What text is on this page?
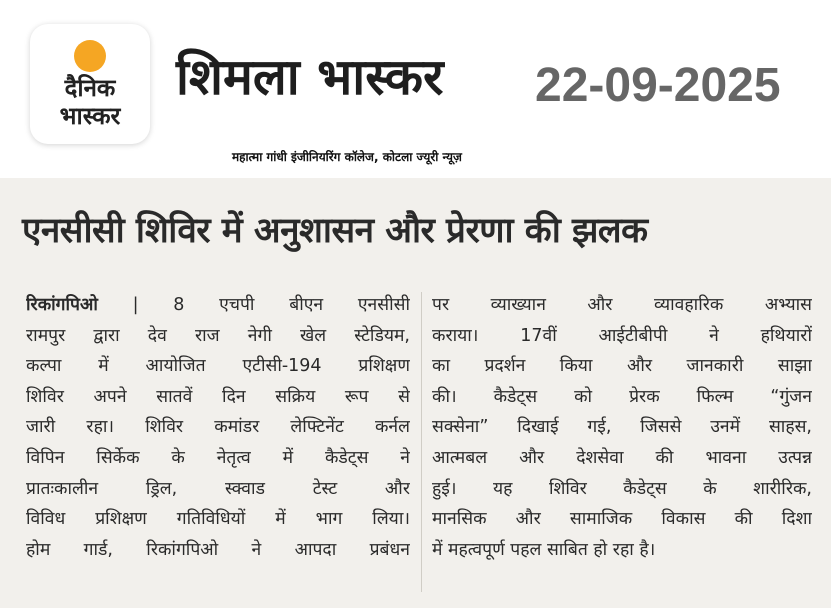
दैनिक
भास्कर
शिमला भास्कर 22-09-2025
महात्मा गांधी इंजीनियरिंग कॉलेज, कोटला ज्यूरी न्यूज़
एनसीसी शिविर में अनुशासन और प्रेरणा की झलक
रिकांगपिओ | 8 एचपी बीएन एनसीसी
रामपुर द्वारा देव राज नेगी खेल स्टेडियम,
कल्पा में आयोजित एटीसी-194 प्रशिक्षण
शिविर अपने सातवें दिन सक्रिय रूप से
जारी रहा। शिविर कमांडर लेफ्टिनेंट कर्नल
विपिन सिर्केक के नेतृत्व में कैडेट्स ने
प्रातःकालीन ड्रिल, स्क्वाड टेस्ट और
विविध प्रशिक्षण गतिविधियों में भाग लिया।
होम गार्ड, रिकांगपिओ ने आपदा प्रबंधन
पर व्याख्यान और व्यावहारिक अभ्यास
कराया। 17वीं आईटीबीपी ने हथियारों
का प्रदर्शन किया और जानकारी साझा
की। कैडेट्स को प्रेरक फिल्म “गुंजन
सक्सेना” दिखाई गई, जिससे उनमें साहस,
आत्मबल और देशसेवा की भावना उत्पन्न
हुई। यह शिविर कैडेट्स के शारीरिक,
मानसिक और सामाजिक विकास की दिशा
में महत्वपूर्ण पहल साबित हो रहा है।
